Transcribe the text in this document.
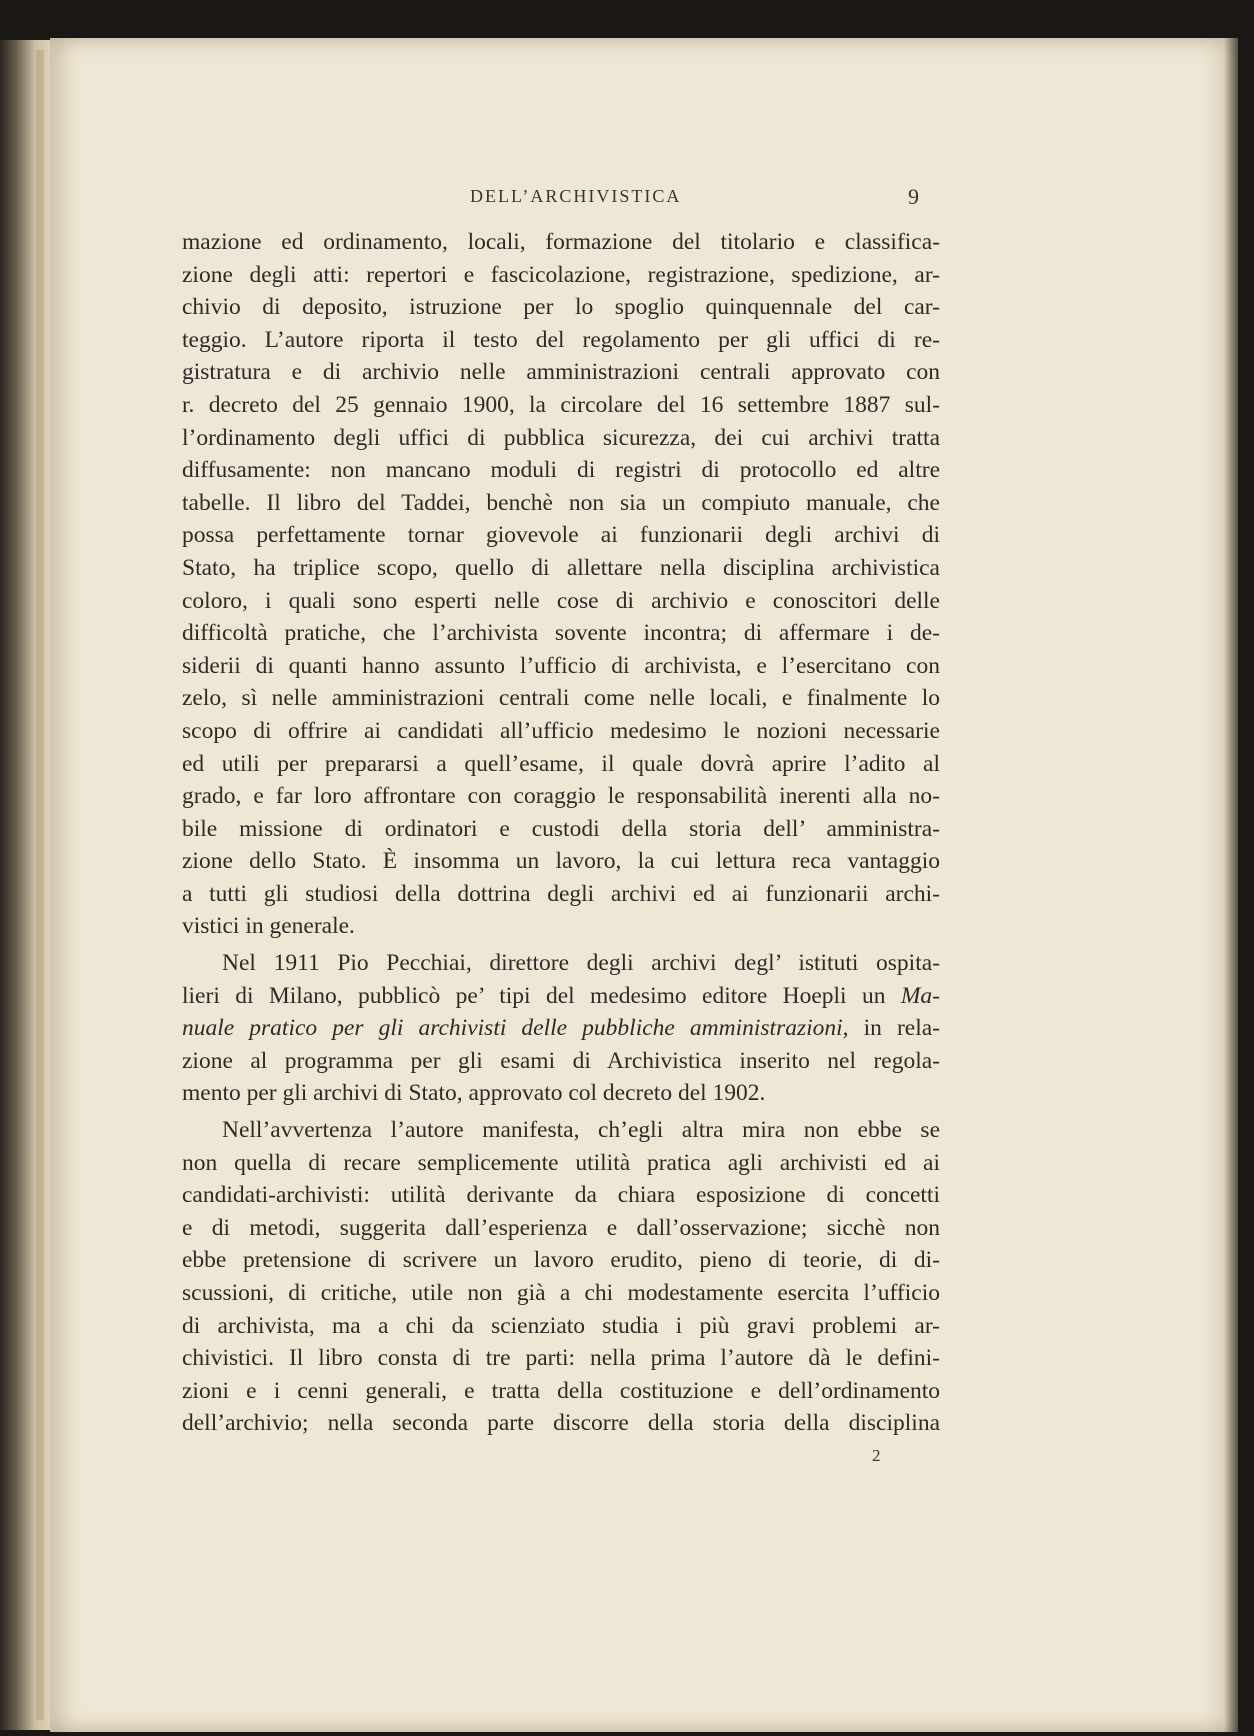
DELL’ARCHIVISTICA	9
mazione ed ordinamento, locali, formazione del titolario e classifica-
zione degli atti: repertori e fascicolazione, registrazione, spedizione, ar-
chivio di deposito, istruzione per lo spoglio quinquennale del car-
teggio. L’autore riporta il testo del regolamento per gli uffici di re-
gistratura e di archivio nelle amministrazioni centrali approvato con
r. decreto del 25 gennaio 1900, la circolare del 16 settembre 1887 sul-
l’ordinamento degli uffici di pubblica sicurezza, dei cui archivi tratta
diffusamente: non mancano moduli di registri di protocollo ed altre
tabelle. Il libro del Taddei, benchè non sia un compiuto manuale, che
possa perfettamente tornar giovevole ai funzionarii degli archivi di
Stato, ha triplice scopo, quello di allettare nella disciplina archivistica
coloro, i quali sono esperti nelle cose di archivio e conoscitori delle
difficoltà pratiche, che l’archivista sovente incontra; di affermare i de-
siderii di quanti hanno assunto l’ufficio di archivista, e l’esercitano con
zelo, sì nelle amministrazioni centrali come nelle locali, e finalmente lo
scopo di offrire ai candidati all’ufficio medesimo le nozioni necessarie
ed utili per prepararsi a quell’esame, il quale dovrà aprire l’adito al
grado, e far loro affrontare con coraggio le responsabilità inerenti alla no-
bile missione di ordinatori e custodi della storia dell’ amministra-
zione dello Stato. È insomma un lavoro, la cui lettura reca vantaggio
a tutti gli studiosi della dottrina degli archivi ed ai funzionarii archi-
vistici in generale.
Nel 1911 Pio Pecchiai, direttore degli archivi degl’ istituti ospita-
lieri di Milano, pubblicò pe’ tipi del medesimo editore Hoepli un Ma-
nuale pratico per gli archivisti delle pubbliche amministrazioni, in rela-
zione al programma per gli esami di Archivistica inserito nel regola-
mento per gli archivi di Stato, approvato col decreto del 1902.
Nell’avvertenza l’autore manifesta, ch’egli altra mira non ebbe se
non quella di recare semplicemente utilità pratica agli archivisti ed ai
candidati-archivisti: utilità derivante da chiara esposizione di concetti
e di metodi, suggerita dall’esperienza e dall’osservazione; sicchè non
ebbe pretensione di scrivere un lavoro erudito, pieno di teorie, di di-
scussioni, di critiche, utile non già a chi modestamente esercita l’ufficio
di archivista, ma a chi da scienziato studia i più gravi problemi ar-
chivistici. Il libro consta di tre parti: nella prima l’autore dà le defini-
zioni e i cenni generali, e tratta della costituzione e dell’ordinamento
dell’archivio; nella seconda parte discorre della storia della disciplina
2
